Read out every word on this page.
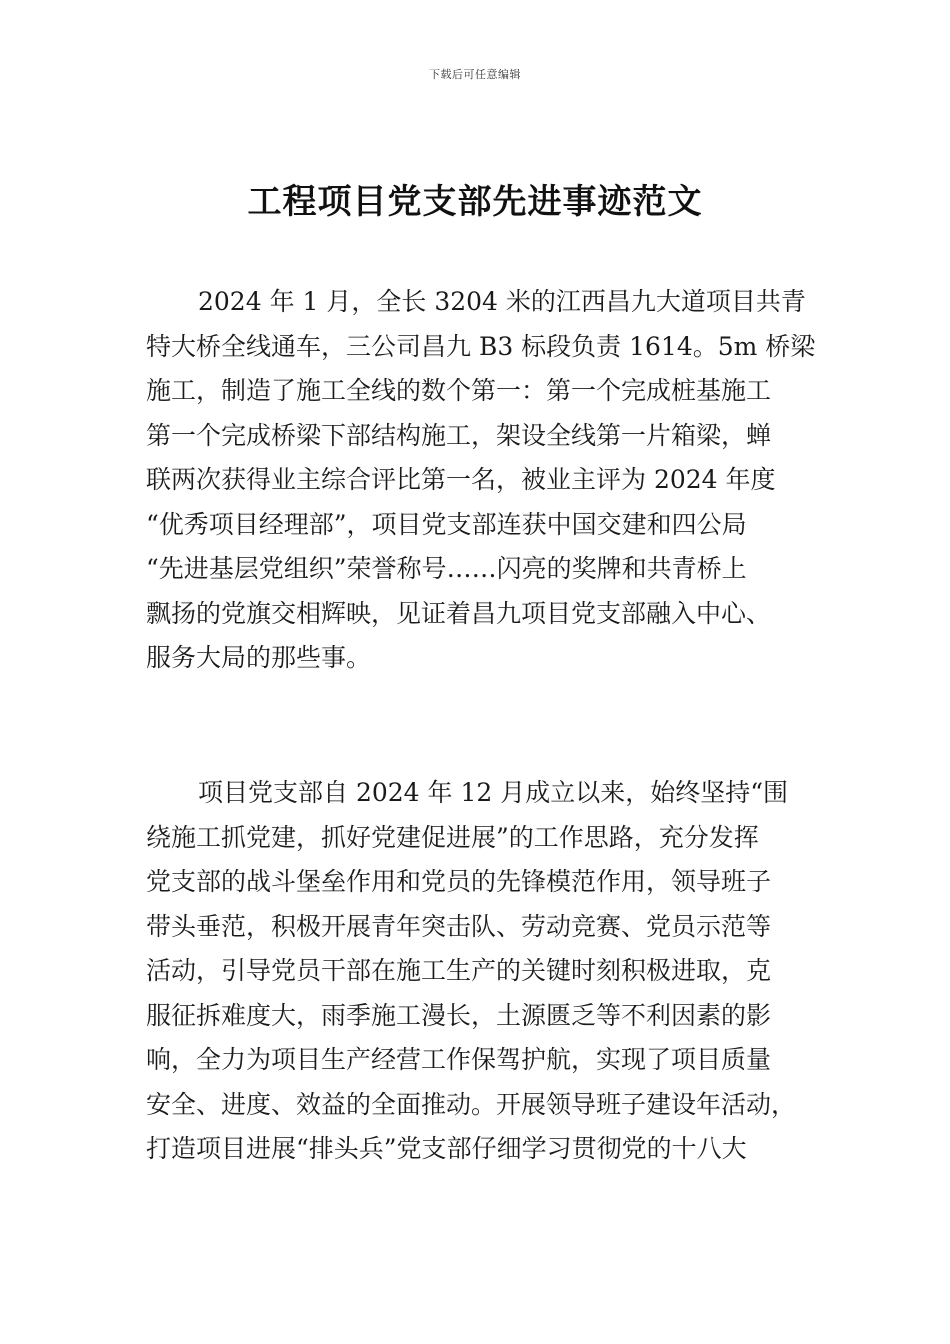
下载后可任意编辑
工程项目党支部先进事迹范文
2024 年 1 月，全长 3204 米的江西昌九大道项目共青
特大桥全线通车，三公司昌九 B3 标段负责 1614。5m 桥梁
施工，制造了施工全线的数个第一：第一个完成桩基施工
第一个完成桥梁下部结构施工，架设全线第一片箱梁，蝉
联两次获得业主综合评比第一名，被业主评为 2024 年度
“优秀项目经理部”，项目党支部连获中国交建和四公局
“先进基层党组织”荣誉称号……闪亮的奖牌和共青桥上
飘扬的党旗交相辉映，见证着昌九项目党支部融入中心、
服务大局的那些事。
项目党支部自 2024 年 12 月成立以来，始终坚持“围
绕施工抓党建，抓好党建促进展”的工作思路，充分发挥
党支部的战斗堡垒作用和党员的先锋模范作用，领导班子
带头垂范，积极开展青年突击队、劳动竞赛、党员示范等
活动，引导党员干部在施工生产的关键时刻积极进取，克
服征拆难度大，雨季施工漫长，土源匮乏等不利因素的影
响，全力为项目生产经营工作保驾护航，实现了项目质量
安全、进度、效益的全面推动。开展领导班子建设年活动，
打造项目进展“排头兵”党支部仔细学习贯彻党的十八大
